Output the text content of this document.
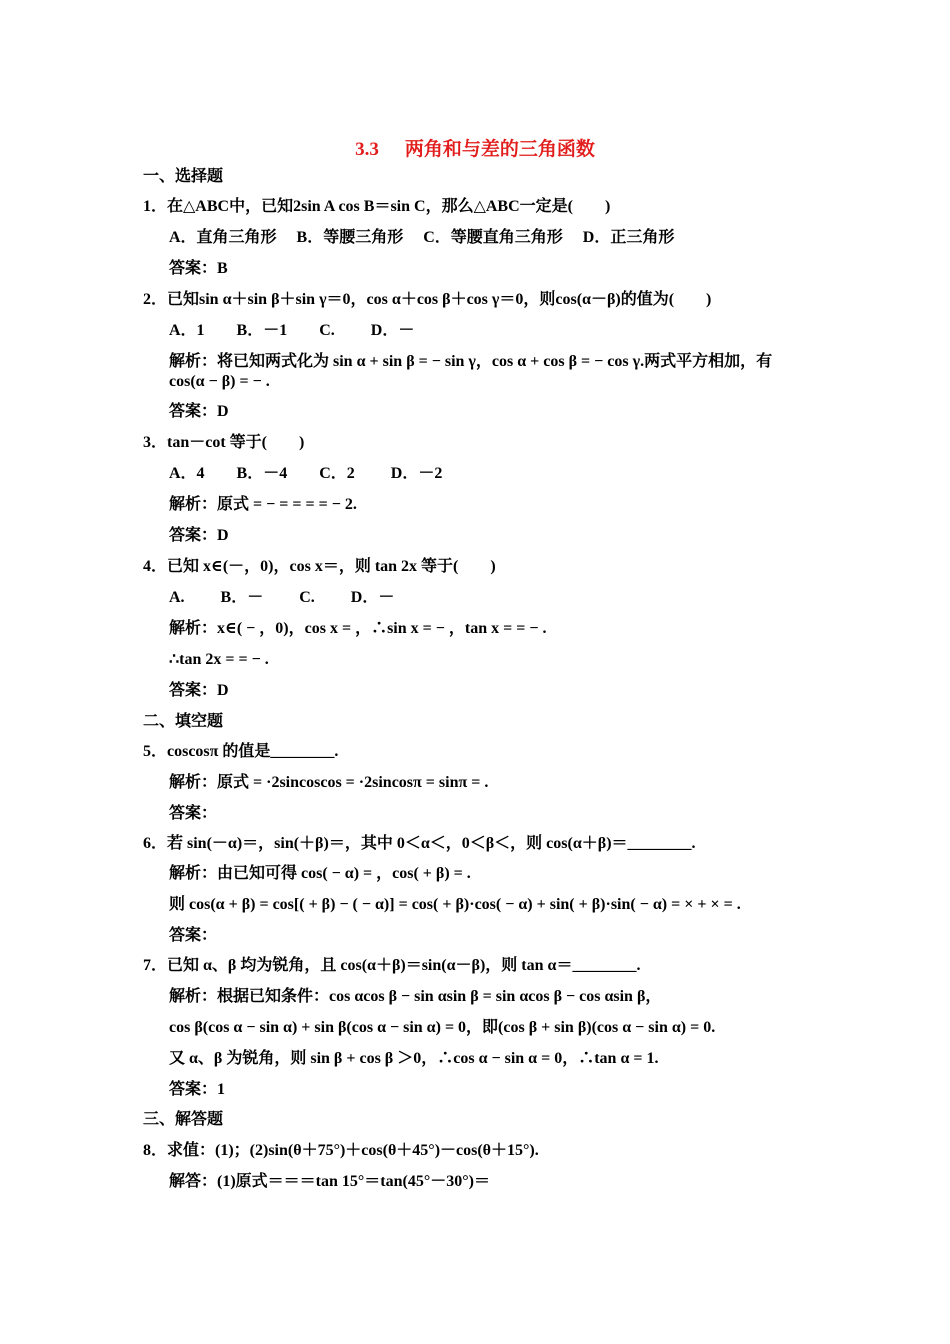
3.3 两角和与差的三角函数
一、选择题
1．在△ABC中，已知2sin A cos B＝sin C，那么△ABC一定是(　　)
A．直角三角形　 B．等腰三角形　 C．等腰直角三角形　 D．正三角形
答案：B
2．已知sin α＋sin β＋sin γ＝0，cos α＋cos β＋cos γ＝0，则cos(α－β)的值为(　　)
A．1　　B．－1　　C.　　 D．－
解析：将已知两式化为 sin α + sin β = − sin γ，cos α + cos β = − cos γ.两式平方相加，有 cos(α − β) = − .
答案：D
3．tan－cot 等于(　　)
A．4　　B．－4　　C．2　　 D．－2
解析：原式 = − = = = = − 2.
答案：D
4．已知 x∈(－，0)，cos x＝，则 tan 2x 等于(　　)
A.　　 B．－　　 C.　　 D．－
解析：x∈( − ，0)，cos x = ，∴sin x = − ，tan x = = − .
∴tan 2x = = − .
答案：D
二、填空题
5．coscosπ 的值是________.
解析：原式 = ·2sincoscos = ·2sincosπ = sinπ = .
答案：
6．若 sin(－α)＝，sin(＋β)＝，其中 0＜α＜，0＜β＜，则 cos(α＋β)＝________.
解析：由已知可得 cos( − α) = ，cos( + β) = .
则 cos(α + β) = cos[( + β) − ( − α)] = cos( + β)·cos( − α) + sin( + β)·sin( − α) = × + × = .
答案：
7．已知 α、β 均为锐角，且 cos(α＋β)＝sin(α－β)，则 tan α＝________.
解析：根据已知条件：cos αcos β − sin αsin β = sin αcos β − cos αsin β，
cos β(cos α − sin α) + sin β(cos α − sin α) = 0，即(cos β + sin β)(cos α − sin α) = 0.
又 α、β 为锐角，则 sin β + cos β ＞0，∴cos α − sin α = 0，∴tan α = 1.
答案：1
三、解答题
8．求值：(1)；(2)sin(θ＋75°)＋cos(θ＋45°)－cos(θ＋15°).
解答：(1)原式＝＝＝tan 15°＝tan(45°－30°)＝
